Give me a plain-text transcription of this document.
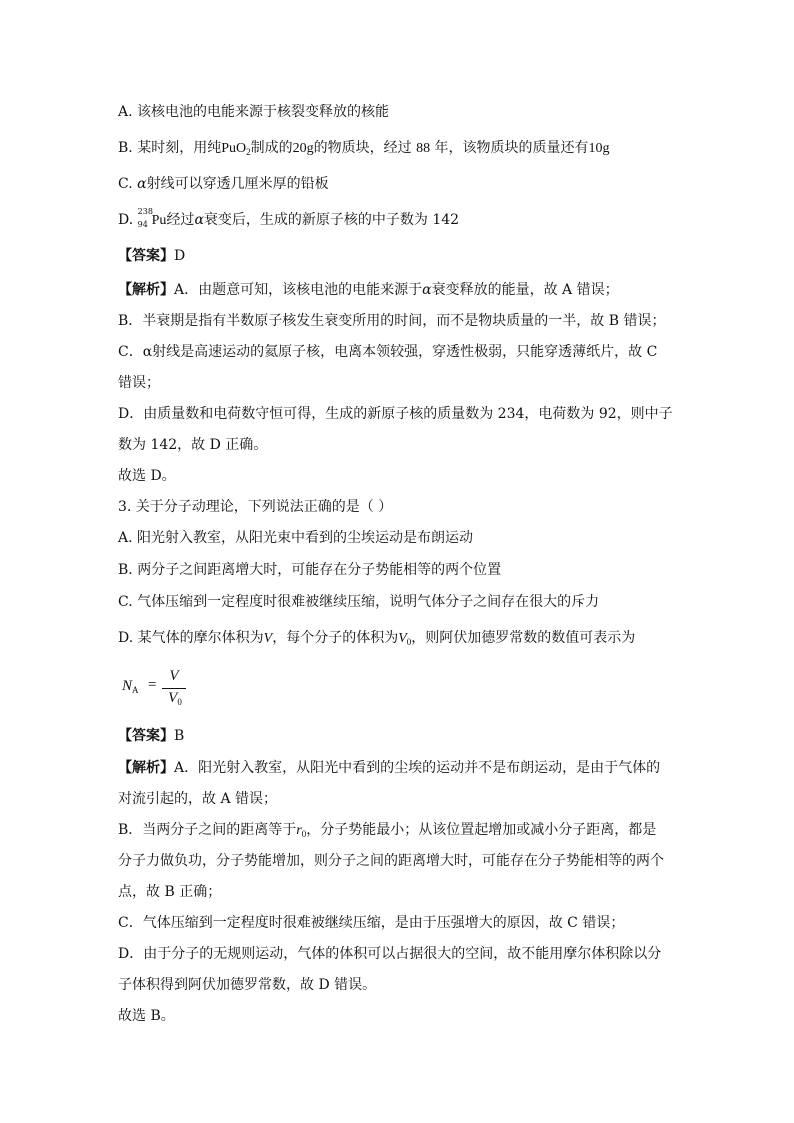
A. 该核电池的电能来源于核裂变释放的核能
B. 某时刻，用纯PuO$_2$制成的20g的物质块，经过 88 年，该物质块的质量还有10g
C. α射线可以穿透几厘米厚的铅板
D.
238
94 Pu经过α衰变后，生成的新原子核的中子数为 142
【答案】D
【解析】A．由题意可知，该核电池的电能来源于α衰变释放的能量，故 A 错误；
B．半衰期是指有半数原子核发生衰变所用的时间，而不是物块质量的一半，故 B 错误；
C．α射线是高速运动的氦原子核，电离本领较强，穿透性极弱，只能穿透薄纸片，故 C
错误；
D．由质量数和电荷数守恒可得，生成的新原子核的质量数为 234，电荷数为 92，则中子
数为 142，故 D 正确。
故选 D。
3. 关于分子动理论，下列说法正确的是（ ）
A. 阳光射入教室，从阳光束中看到的尘埃运动是布朗运动
B. 两分子之间距离增大时，可能存在分子势能相等的两个位置
C. 气体压缩到一定程度时很难被继续压缩，说明气体分子之间存在很大的斥力
D. 某气体的摩尔体积为V，每个分子的体积为$V_0$，则阿伏加德罗常数的数值可表示为
$N_A$ =
V
$V_0$
【答案】B
【解析】A．阳光射入教室，从阳光中看到的尘埃的运动并不是布朗运动，是由于气体的
对流引起的，故 A 错误；
B．当两分子之间的距离等于$r_0$，分子势能最小；从该位置起增加或减小分子距离，都是
分子力做负功，分子势能增加，则分子之间的距离增大时，可能存在分子势能相等的两个
点，故 B 正确；
C．气体压缩到一定程度时很难被继续压缩，是由于压强增大的原因，故 C 错误；
D．由于分子的无规则运动，气体的体积可以占据很大的空间，故不能用摩尔体积除以分
子体积得到阿伏加德罗常数，故 D 错误。
故选 B。
